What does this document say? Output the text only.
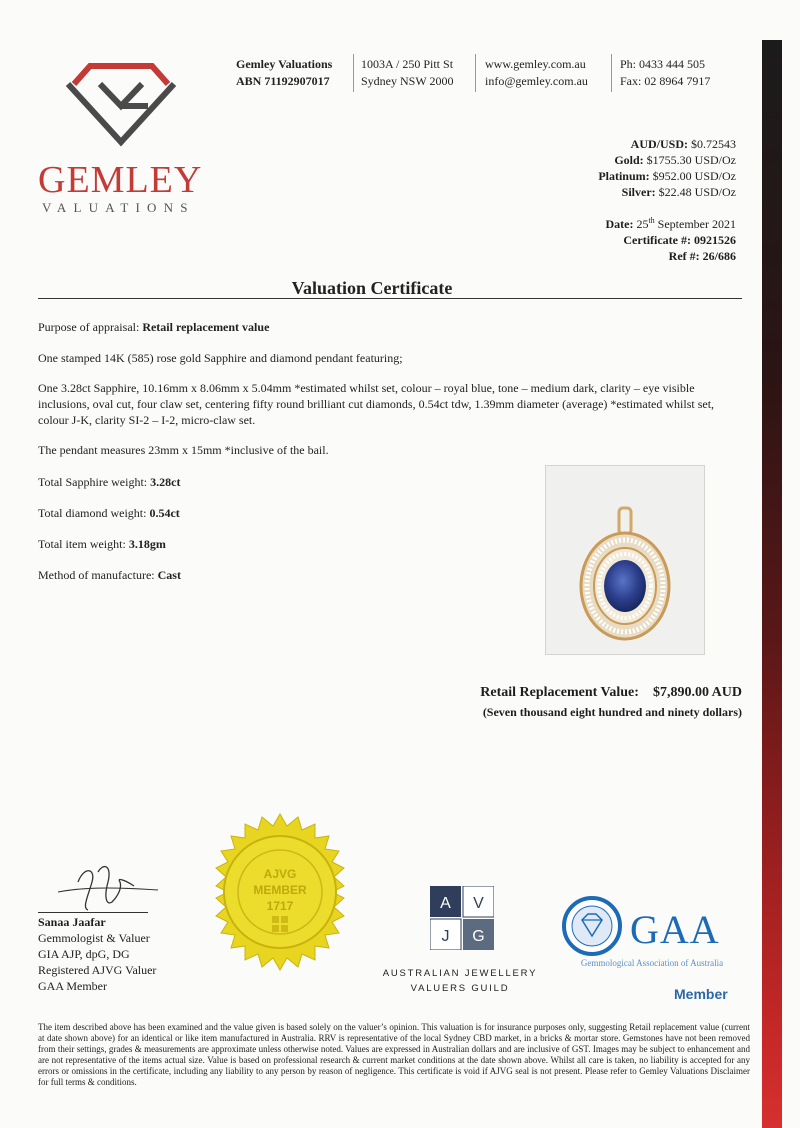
GEMLEY
VALUATIONS
Gemley Valuations
ABN 71192907017
1003A / 250 Pitt St
Sydney NSW 2000
www.gemley.com.au
info@gemley.com.au
Ph: 0433 444 505
Fax: 02 8964 7917
AUD/USD: $0.72543
Gold: $1755.30 USD/Oz
Platinum: $952.00 USD/Oz
Silver: $22.48 USD/Oz
Date: 25th September 2021
Certificate #: 0921526
Ref #: 26/686
Valuation Certificate
Purpose of appraisal: Retail replacement value
One stamped 14K (585) rose gold Sapphire and diamond pendant featuring;
One 3.28ct Sapphire, 10.16mm x 8.06mm x 5.04mm *estimated whilst set, colour – royal blue, tone – medium dark, clarity – eye visible inclusions, oval cut, four claw set, centering fifty round brilliant cut diamonds, 0.54ct tdw, 1.39mm diameter (average) *estimated whilst set, colour J-K, clarity SI-2 – I-2, micro-claw set.
The pendant measures 23mm x 15mm *inclusive of the bail.
Total Sapphire weight: 3.28ct
Total diamond weight: 0.54ct
Total item weight: 3.18gm
Method of manufacture: Cast
Retail Replacement Value: $7,890.00 AUD
(Seven thousand eight hundred and ninety dollars)
AJVG
MEMBER
1717
Sanaa Jaafar
Gemmologist & Valuer
GIA AJP, dpG, DG
Registered AJVG Valuer
GAA Member
A V
J G
AUSTRALIAN JEWELLERY
VALUERS GUILD
GAA
Gemmological Association of Australia
Member
The item described above has been examined and the value given is based solely on the valuer’s opinion. This valuation is for insurance purposes only, suggesting Retail replacement value (current at date shown above) for an identical or like item manufactured in Australia. RRV is representative of the local Sydney CBD market, in a bricks & mortar store. Gemstones have not been removed from their settings, grades & measurements are approximate unless otherwise noted. Values are expressed in Australian dollars and are inclusive of GST. Images may be subject to enhancement and are not representative of the items actual size. Value is based on professional research & current market conditions at the date shown above. Whilst all care is taken, no liability is accepted for any errors or omissions in the certificate, including any liability to any person by reason of negligence. This certificate is void if AJVG seal is not present. Please refer to Gemley Valuations Disclaimer for full terms & conditions.
